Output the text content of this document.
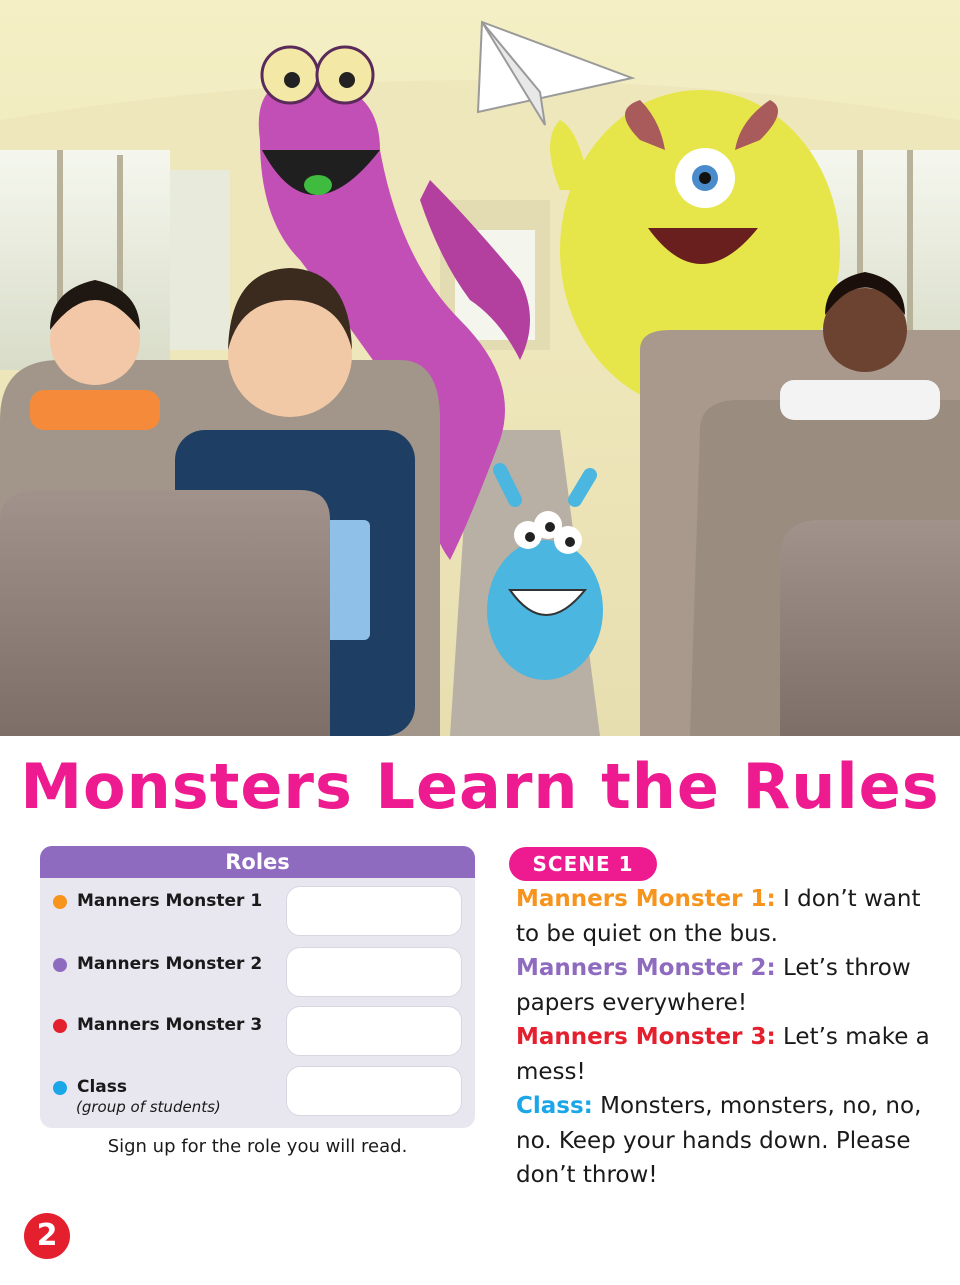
Monsters Learn the Rules
Roles
Manners Monster 1
Manners Monster 2
Manners Monster 3
Class
(group of students)
Sign up for the role you will read.
SCENE 1

Manners Monster 1: I don’t want to be quiet on the bus.

Manners Monster 2: Let’s throw papers everywhere!

Manners Monster 3: Let’s make a mess!

Class: Monsters, monsters, no, no, no. Keep your hands down. Please don’t throw!

2
